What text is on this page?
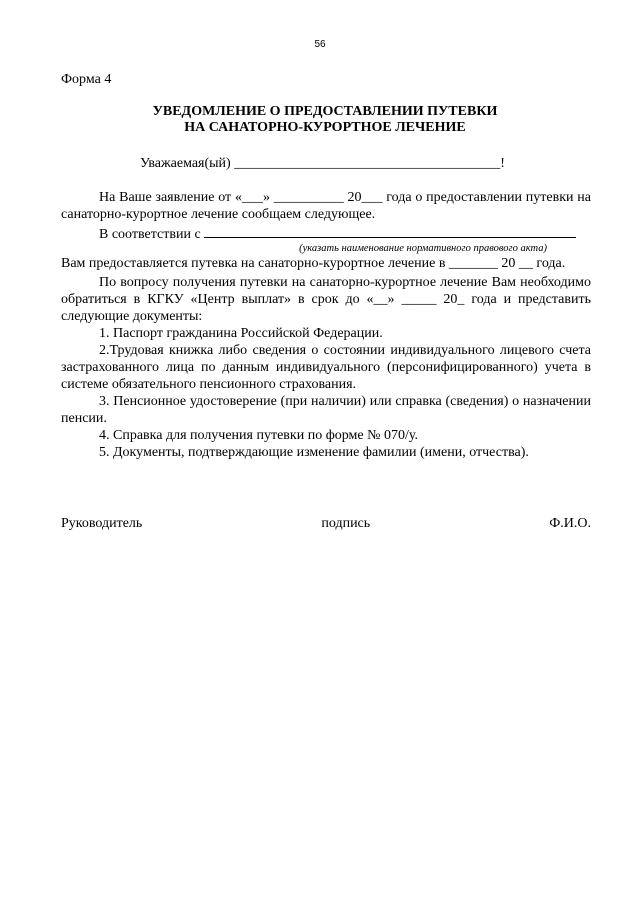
56
Форма 4
УВЕДОМЛЕНИЕ О ПРЕДОСТАВЛЕНИИ ПУТЕВКИ
НА САНАТОРНО-КУРОРТНОЕ ЛЕЧЕНИЕ
Уважаемая(ый) ______________________________________!

На Ваше заявление от «___» __________ 20___ года о предоставлении путевки на санаторно-курортное лечение сообщаем следующее.

В соответствии с
(указать наименование нормативного правового акта)

Вам предоставляется путевка на санаторно-курортное лечение в _______ 20 __ года.

По вопросу получения путевки на санаторно-курортное лечение Вам необходимо обратиться в КГКУ «Центр выплат» в срок до «__» _____ 20_ года и представить следующие документы:

1. Паспорт гражданина Российской Федерации.

2.Трудовая книжка либо сведения о состоянии индивидуального лицевого счета застрахованного лица по данным индивидуального (персонифицированного) учета в системе обязательного пенсионного страхования.

3. Пенсионное удостоверение (при наличии) или справка (сведения) о назначении пенсии.

4. Справка для получения путевки по форме № 070/у.

5. Документы, подтверждающие изменение фамилии (имени, отчества).

Руководитель	подпись	Ф.И.О.
